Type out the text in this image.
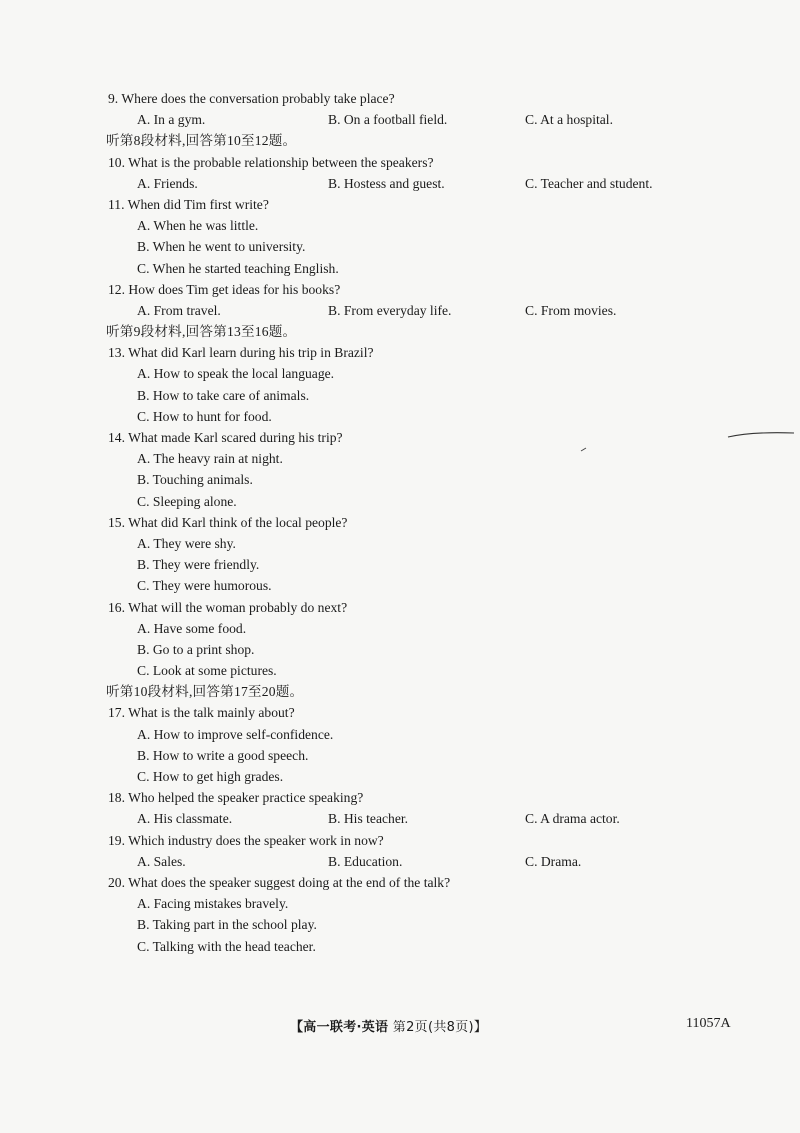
9. Where does the conversation probably take place?
A. In a gym.	B. On a football field.	C. At a hospital.
听第8段材料,回答第10至12题。
10. What is the probable relationship between the speakers?
A. Friends.	B. Hostess and guest.	C. Teacher and student.
11. When did Tim first write?
A. When he was little.
B. When he went to university.
C. When he started teaching English.
12. How does Tim get ideas for his books?
A. From travel.	B. From everyday life.	C. From movies.
听第9段材料,回答第13至16题。
13. What did Karl learn during his trip in Brazil?
A. How to speak the local language.
B. How to take care of animals.
C. How to hunt for food.
14. What made Karl scared during his trip?
A. The heavy rain at night.
B. Touching animals.
C. Sleeping alone.
15. What did Karl think of the local people?
A. They were shy.
B. They were friendly.
C. They were humorous.
16. What will the woman probably do next?
A. Have some food.
B. Go to a print shop.
C. Look at some pictures.
听第10段材料,回答第17至20题。
17. What is the talk mainly about?
A. How to improve self-confidence.
B. How to write a good speech.
C. How to get high grades.
18. Who helped the speaker practice speaking?
A. His classmate.	B. His teacher.	C. A drama actor.
19. Which industry does the speaker work in now?
A. Sales.	B. Education.	C. Drama.
20. What does the speaker suggest doing at the end of the talk?
A. Facing mistakes bravely.
B. Taking part in the school play.
C. Talking with the head teacher.
【高一联考·英语 第2页(共8页)】	11057A
